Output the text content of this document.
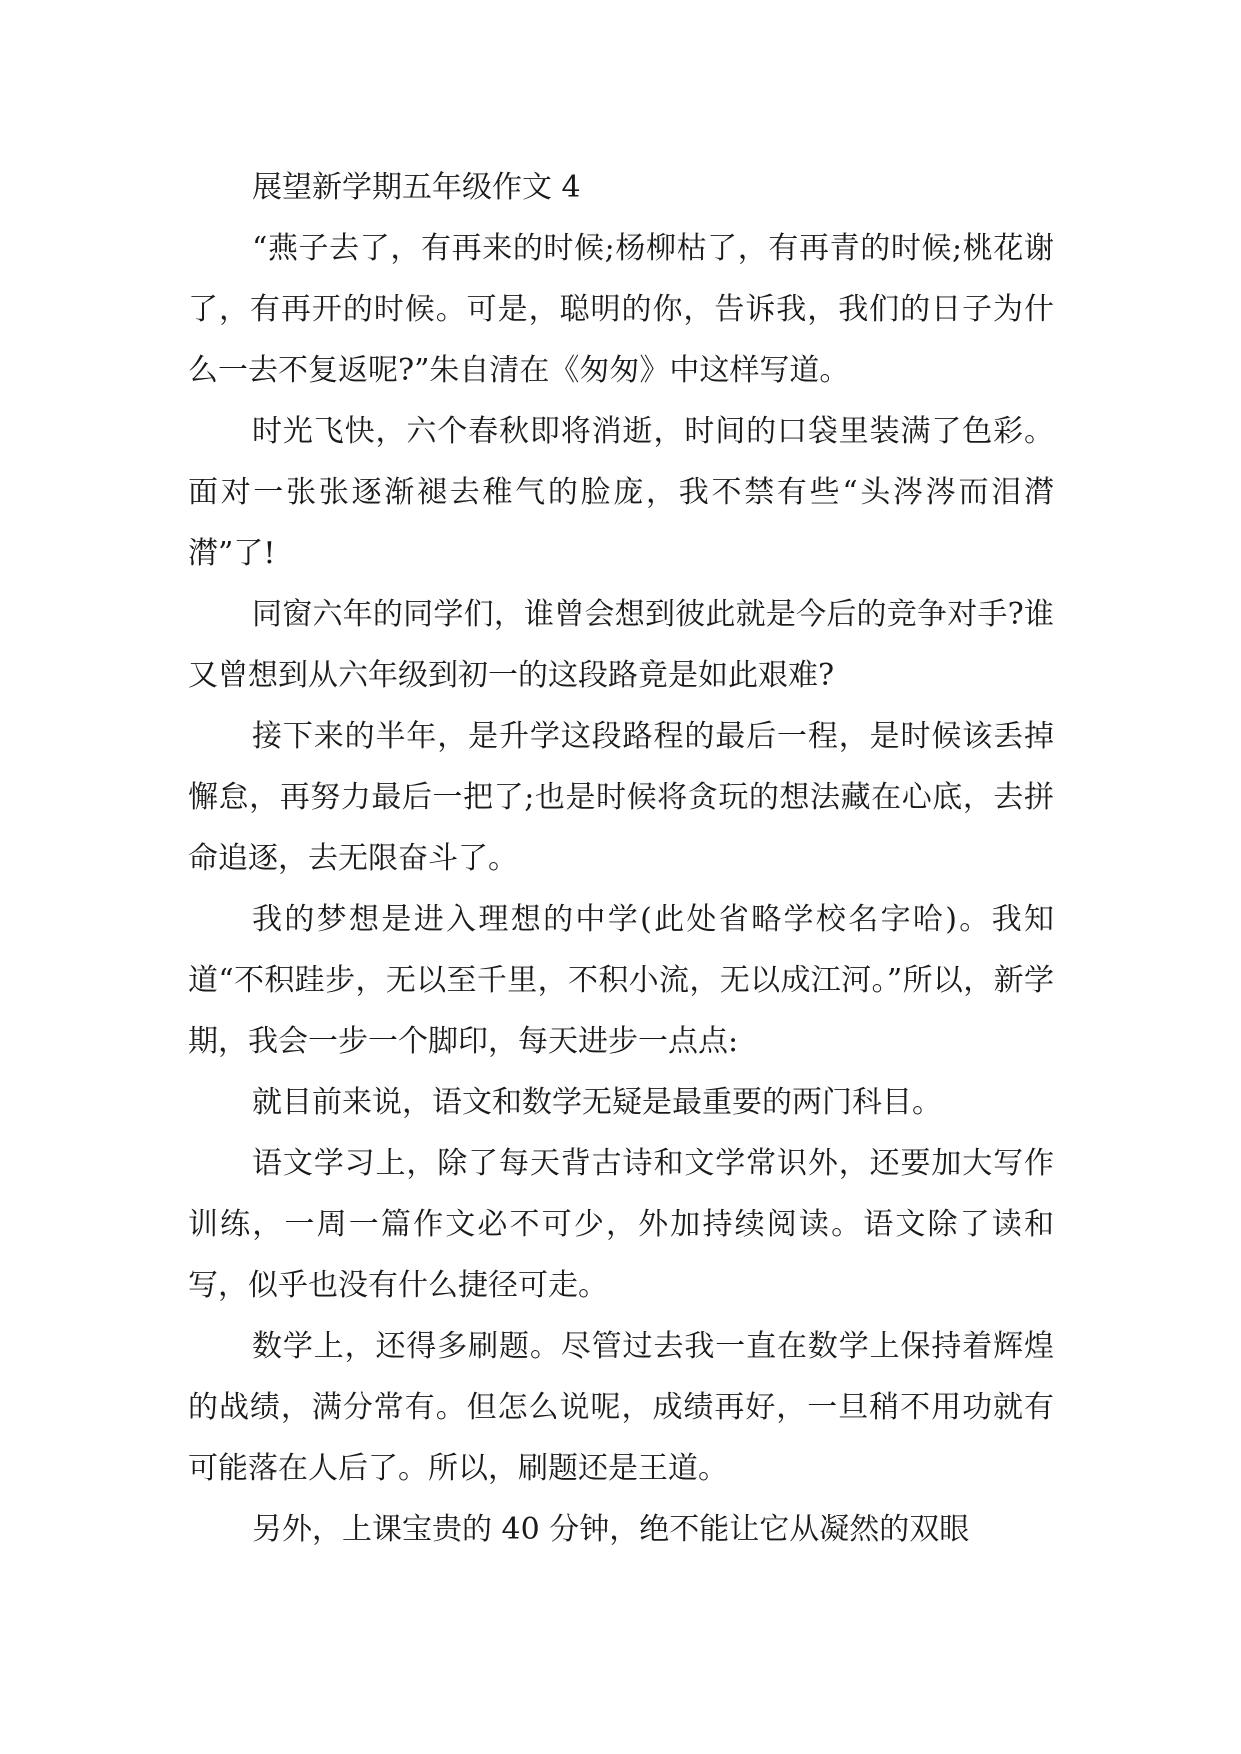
展望新学期五年级作文 4

“燕子去了，有再来的时候;杨柳枯了，有再青的时候;桃花谢了，有再开的时候。可是，聪明的你，告诉我，我们的日子为什么一去不复返呢?”朱自清在《匆匆》中这样写道。

时光飞快，六个春秋即将消逝，时间的口袋里装满了色彩。面对一张张逐渐褪去稚气的脸庞，我不禁有些“头涔涔而泪潸潸”了!

同窗六年的同学们，谁曾会想到彼此就是今后的竞争对手?谁又曾想到从六年级到初一的这段路竟是如此艰难?

接下来的半年，是升学这段路程的最后一程，是时候该丢掉懈怠，再努力最后一把了;也是时候将贪玩的想法藏在心底，去拼命追逐，去无限奋斗了。

我的梦想是进入理想的中学(此处省略学校名字哈)。我知道“不积跬步，无以至千里，不积小流，无以成江河。”所以，新学期，我会一步一个脚印，每天进步一点点:

就目前来说，语文和数学无疑是最重要的两门科目。

语文学习上，除了每天背古诗和文学常识外，还要加大写作训练，一周一篇作文必不可少，外加持续阅读。语文除了读和写，似乎也没有什么捷径可走。

数学上，还得多刷题。尽管过去我一直在数学上保持着辉煌的战绩，满分常有。但怎么说呢，成绩再好，一旦稍不用功就有可能落在人后了。所以，刷题还是王道。

另外，上课宝贵的 40 分钟，绝不能让它从凝然的双眼
